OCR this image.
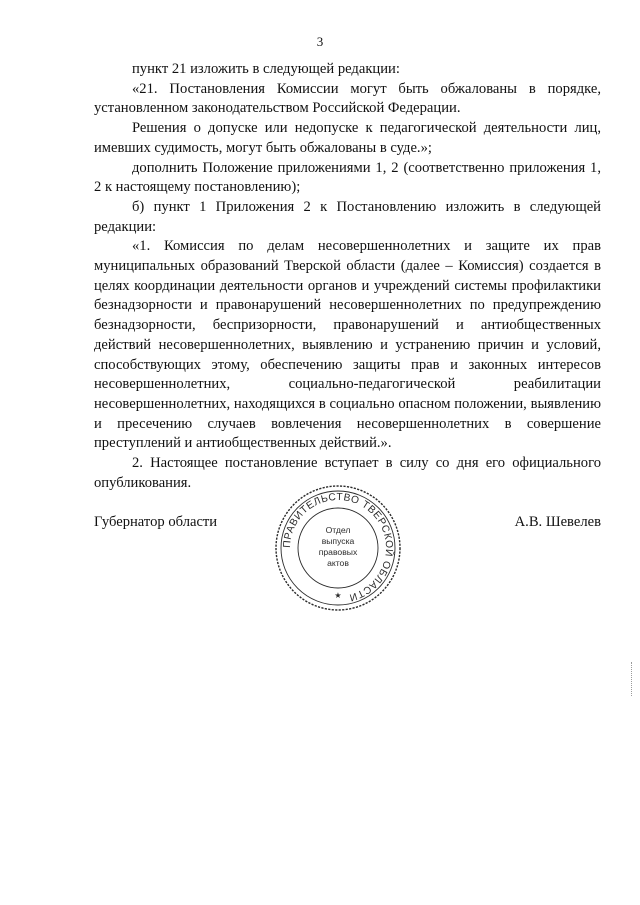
3

пункт 21 изложить в следующей редакции:

«21. Постановления Комиссии могут быть обжалованы в порядке, установленном законодательством Российской Федерации.

Решения о допуске или недопуске к педагогической деятельности лиц, имевших судимость, могут быть обжалованы в суде.»;

дополнить Положение приложениями 1, 2 (соответственно приложения 1, 2 к настоящему постановлению);

б) пункт 1 Приложения 2 к Постановлению изложить в следующей редакции:

«1. Комиссия по делам несовершеннолетних и защите их прав муниципальных образований Тверской области (далее – Комиссия) создается в целях координации деятельности органов и учреждений системы профилактики безнадзорности и правонарушений несовершеннолетних по предупреждению безнадзорности, беспризорности, правонарушений и антиобщественных действий несовершеннолетних, выявлению и устранению причин и условий, способствующих этому, обеспечению защиты прав и законных интересов несовершеннолетних, социально-педагогической реабилитации несовершеннолетних, находящихся в социально опасном положении, выявлению и пресечению случаев вовлечения несовершеннолетних в совершение преступлений и антиобщественных действий.».

2. Настоящее постановление вступает в силу со дня его официального опубликования.

Губернатор области
ПРАВИТЕЛЬСТВО ТВЕРСКОЙ ОБЛАСТИ
Отдел
выпуска
правовых
актов
★
А.В. Шевелев
